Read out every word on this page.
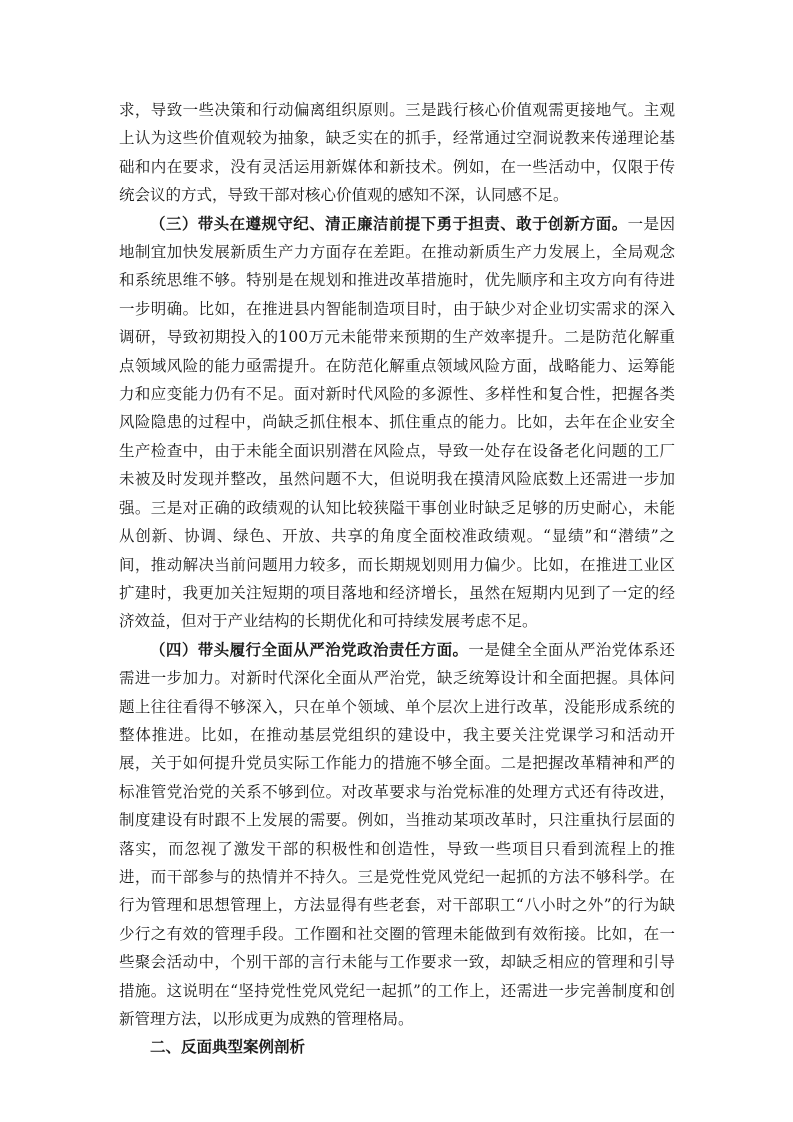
求，导致一些决策和行动偏离组织原则。三是践行核心价值观需更接地气。主观上认为这些价值观较为抽象，缺乏实在的抓手，经常通过空洞说教来传递理论基础和内在要求，没有灵活运用新媒体和新技术。例如，在一些活动中，仅限于传统会议的方式，导致干部对核心价值观的感知不深，认同感不足。

（三）带头在遵规守纪、清正廉洁前提下勇于担责、敢于创新方面。一是因地制宜加快发展新质生产力方面存在差距。在推动新质生产力发展上，全局观念和系统思维不够。特别是在规划和推进改革措施时，优先顺序和主攻方向有待进一步明确。比如，在推进县内智能制造项目时，由于缺少对企业切实需求的深入调研，导致初期投入的100万元未能带来预期的生产效率提升。二是防范化解重点领域风险的能力亟需提升。在防范化解重点领域风险方面，战略能力、运筹能力和应变能力仍有不足。面对新时代风险的多源性、多样性和复合性，把握各类风险隐患的过程中，尚缺乏抓住根本、抓住重点的能力。比如，去年在企业安全生产检查中，由于未能全面识别潜在风险点，导致一处存在设备老化问题的工厂未被及时发现并整改，虽然问题不大，但说明我在摸清风险底数上还需进一步加强。三是对正确的政绩观的认知比较狭隘干事创业时缺乏足够的历史耐心，未能从创新、协调、绿色、开放、共享的角度全面校准政绩观。“显绩”和“潜绩”之间，推动解决当前问题用力较多，而长期规划则用力偏少。比如，在推进工业区扩建时，我更加关注短期的项目落地和经济增长，虽然在短期内见到了一定的经济效益，但对于产业结构的长期优化和可持续发展考虑不足。

（四）带头履行全面从严治党政治责任方面。一是健全全面从严治党体系还需进一步加力。对新时代深化全面从严治党，缺乏统筹设计和全面把握。具体问题上往往看得不够深入，只在单个领域、单个层次上进行改革，没能形成系统的整体推进。比如，在推动基层党组织的建设中，我主要关注党课学习和活动开展，关于如何提升党员实际工作能力的措施不够全面。二是把握改革精神和严的标准管党治党的关系不够到位。对改革要求与治党标准的处理方式还有待改进，制度建设有时跟不上发展的需要。例如，当推动某项改革时，只注重执行层面的落实，而忽视了激发干部的积极性和创造性，导致一些项目只看到流程上的推进，而干部参与的热情并不持久。三是党性党风党纪一起抓的方法不够科学。在行为管理和思想管理上，方法显得有些老套，对干部职工“八小时之外”的行为缺少行之有效的管理手段。工作圈和社交圈的管理未能做到有效衔接。比如，在一些聚会活动中，个别干部的言行未能与工作要求一致，却缺乏相应的管理和引导措施。这说明在“坚持党性党风党纪一起抓”的工作上，还需进一步完善制度和创新管理方法，以形成更为成熟的管理格局。

二、反面典型案例剖析
